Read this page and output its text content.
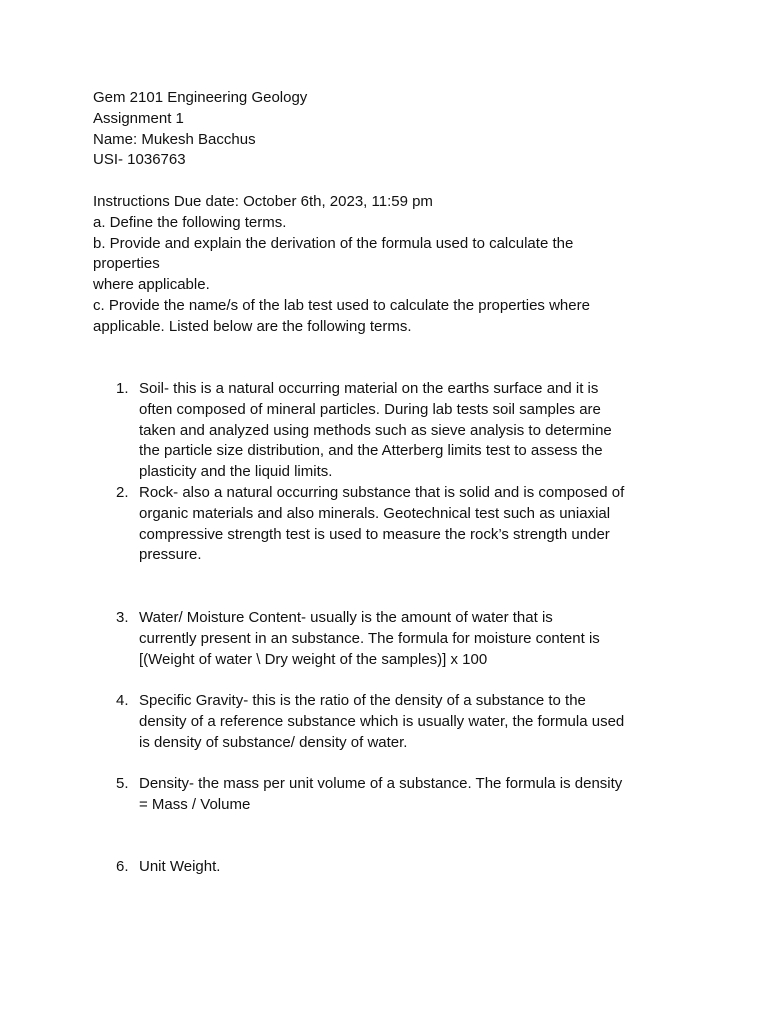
Gem 2101 Engineering Geology
Assignment 1
Name: Mukesh Bacchus
USI- 1036763
Instructions Due date: October 6th, 2023, 11:59 pm
a. Define the following terms.
b. Provide and explain the derivation of the formula used to calculate the
properties
where applicable.
c. Provide the name/s of the lab test used to calculate the properties where
applicable. Listed below are the following terms.
1. Soil- this is a natural occurring material on the earths surface and it is
often composed of mineral particles. During lab tests soil samples are
taken and analyzed using methods such as sieve analysis to determine
the particle size distribution, and the Atterberg limits test to assess the
plasticity and the liquid limits.
2. Rock- also a natural occurring substance that is solid and is composed of
organic materials and also minerals. Geotechnical test such as uniaxial
compressive strength test is used to measure the rock’s strength under
pressure.
3. Water/ Moisture Content- usually is the amount of water that is
currently present in an substance. The formula for moisture content is
[(Weight of water \ Dry weight of the samples)] x 100
4. Specific Gravity- this is the ratio of the density of a substance to the
density of a reference substance which is usually water, the formula used
is density of substance/ density of water.
5. Density- the mass per unit volume of a substance. The formula is density
= Mass / Volume
6. Unit Weight.
